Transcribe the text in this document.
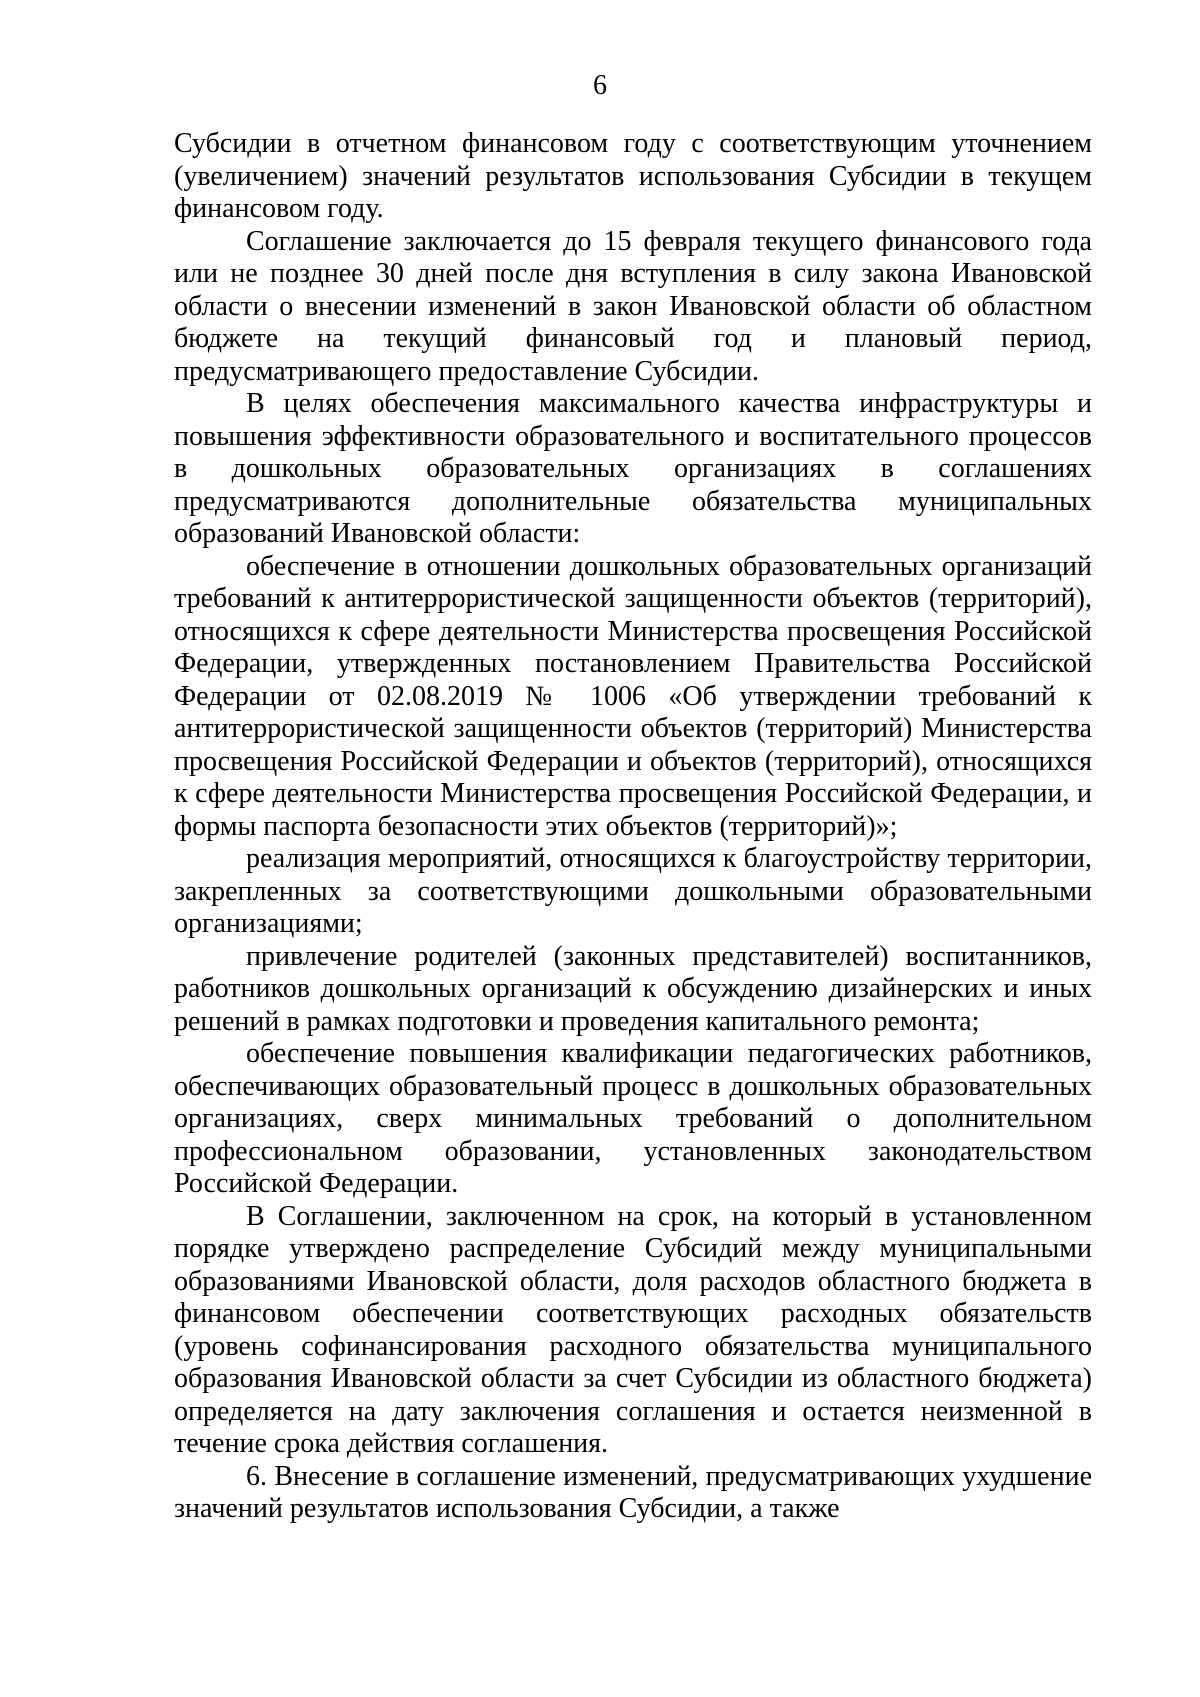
6

Субсидии в отчетном финансовом году с соответствующим уточнением (увеличением) значений результатов использования Субсидии в текущем финансовом году.

Соглашение заключается до 15 февраля текущего финансового года или не позднее 30 дней после дня вступления в силу закона Ивановской области о внесении изменений в закон Ивановской области об областном бюджете на текущий финансовый год и плановый период, предусматривающего предоставление Субсидии.

В целях обеспечения максимального качества инфраструктуры и повышения эффективности образовательного и воспитательного процессов в дошкольных образовательных организациях в соглашениях предусматриваются дополнительные обязательства муниципальных образований Ивановской области:

обеспечение в отношении дошкольных образовательных организаций требований к антитеррористической защищенности объектов (территорий), относящихся к сфере деятельности Министерства просвещения Российской Федерации, утвержденных постановлением Правительства Российской Федерации от 02.08.2019 № 1006 «Об утверждении требований к антитеррористической защищенности объектов (территорий) Министерства просвещения Российской Федерации и объектов (территорий), относящихся к сфере деятельности Министерства просвещения Российской Федерации, и формы паспорта безопасности этих объектов (территорий)»;

реализация мероприятий, относящихся к благоустройству территории, закрепленных за соответствующими дошкольными образовательными организациями;

привлечение родителей (законных представителей) воспитанников, работников дошкольных организаций к обсуждению дизайнерских и иных решений в рамках подготовки и проведения капитального ремонта;

обеспечение повышения квалификации педагогических работников, обеспечивающих образовательный процесс в дошкольных образовательных организациях, сверх минимальных требований о дополнительном профессиональном образовании, установленных законодательством Российской Федерации.

В Соглашении, заключенном на срок, на который в установленном порядке утверждено распределение Субсидий между муниципальными образованиями Ивановской области, доля расходов областного бюджета в финансовом обеспечении соответствующих расходных обязательств (уровень софинансирования расходного обязательства муниципального образования Ивановской области за счет Субсидии из областного бюджета) определяется на дату заключения соглашения и остается неизменной в течение срока действия соглашения.

6. Внесение в соглашение изменений, предусматривающих ухудшение значений результатов использования Субсидии, а также
